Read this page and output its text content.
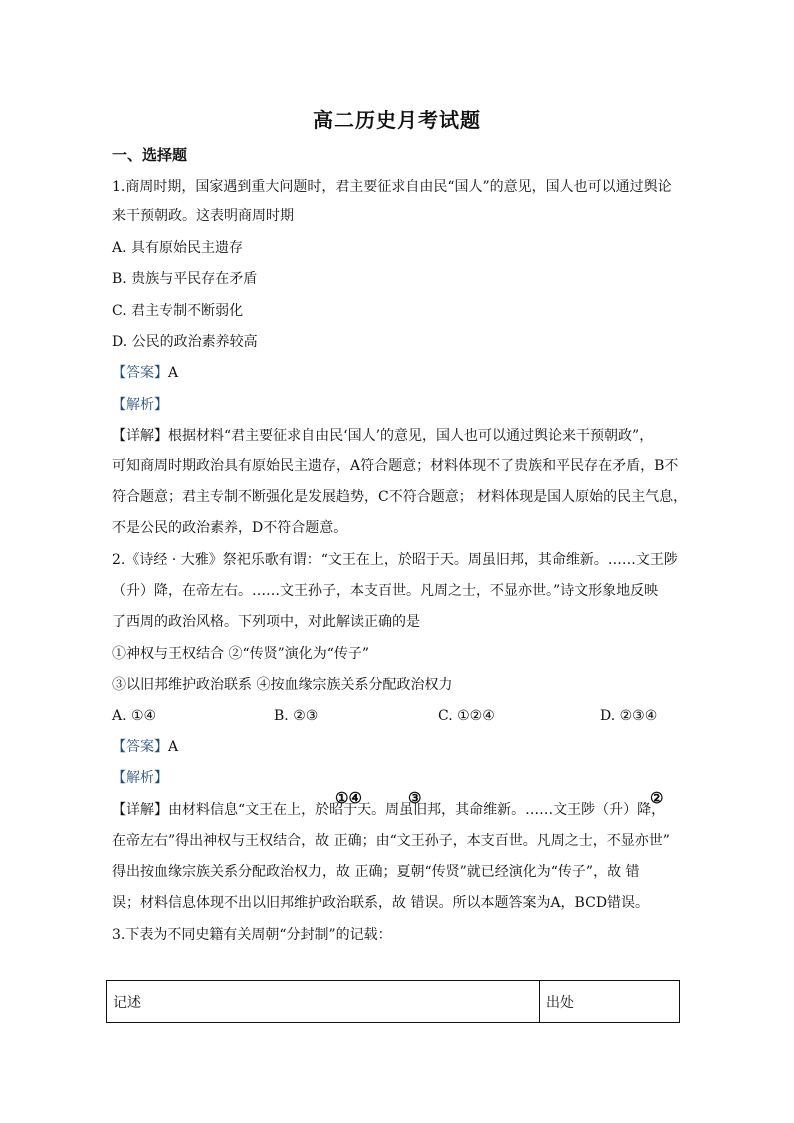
高二历史月考试题
一、选择题
1.商周时期，国家遇到重大问题时，君主要征求自由民“国人”的意见，国人也可以通过舆论
来干预朝政。这表明商周时期
A. 具有原始民主遗存
B. 贵族与平民存在矛盾
C. 君主专制不断弱化
D. 公民的政治素养较高
【答案】A
【解析】
【详解】根据材料“君主要征求自由民‘国人’的意见，国人也可以通过舆论来干预朝政”，
可知商周时期政治具有原始民主遗存，A符合题意；材料体现不了贵族和平民存在矛盾，B不
符合题意；君主专制不断强化是发展趋势，C不符合题意； 材料体现是国人原始的民主气息，
不是公民的政治素养，D不符合题意。
2.《诗经 · 大雅》祭祀乐歌有谓：“文王在上，於昭于天。周虽旧邦，其命维新。……文王陟
（升）降，在帝左右。……文王孙子，本支百世。凡周之士，不显亦世。”诗文形象地反映
了西周的政治风格。下列项中，对此解读正确的是
①神权与王权结合 ②“传贤”演化为“传子”
③以旧邦维护政治联系 ④按血缘宗族关系分配政治权力
A. ①④	B. ②③	C. ①②④	D. ②③④
【答案】A
【解析】
①④	③	②
【详解】由材料信息“文王在上，於昭于天。周虽旧邦，其命维新。……文王陟（升）降，
在帝左右”得出神权与王权结合，故 正确；由“文王孙子，本支百世。凡周之士，不显亦世”
得出按血缘宗族关系分配政治权力，故 正确；夏朝“传贤”就已经演化为“传子”，故 错
误；材料信息体现不出以旧邦维护政治联系，故 错误。所以本题答案为A，BCD错误。
3.下表为不同史籍有关周朝“分封制”的记载：
记述	出处
